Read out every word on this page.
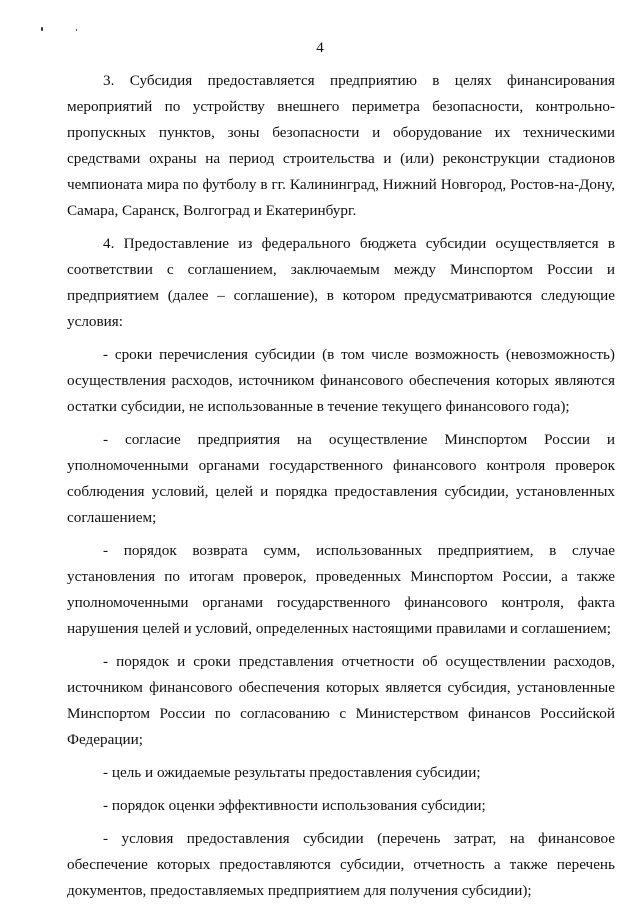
4

3. Субсидия предоставляется предприятию в целях финансирования мероприятий по устройству внешнего периметра безопасности, контрольно-пропускных пунктов, зоны безопасности и оборудование их техническими средствами охраны на период строительства и (или) реконструкции стадионов чемпионата мира по футболу в гг. Калининград, Нижний Новгород, Ростов-на-Дону, Самара, Саранск, Волгоград и Екатеринбург.

4. Предоставление из федерального бюджета субсидии осуществляется в соответствии с соглашением, заключаемым между Минспортом России и предприятием (далее – соглашение), в котором предусматриваются следующие условия:

- сроки перечисления субсидии (в том числе возможность (невозможность) осуществления расходов, источником финансового обеспечения которых являются остатки субсидии, не использованные в течение текущего финансового года);

- согласие предприятия на осуществление Минспортом России и уполномоченными органами государственного финансового контроля проверок соблюдения условий, целей и порядка предоставления субсидии, установленных соглашением;

- порядок возврата сумм, использованных предприятием, в случае установления по итогам проверок, проведенных Минспортом России, а также уполномоченными органами государственного финансового контроля, факта нарушения целей и условий, определенных настоящими правилами и соглашением;

- порядок и сроки представления отчетности об осуществлении расходов, источником финансового обеспечения которых является субсидия, установленные Минспортом России по согласованию с Министерством финансов Российской Федерации;

- цель и ожидаемые результаты предоставления субсидии;

- порядок оценки эффективности использования субсидии;

- условия предоставления субсидии (перечень затрат, на финансовое обеспечение которых предоставляются субсидии, отчетность а также перечень документов, предоставляемых предприятием для получения субсидии);
